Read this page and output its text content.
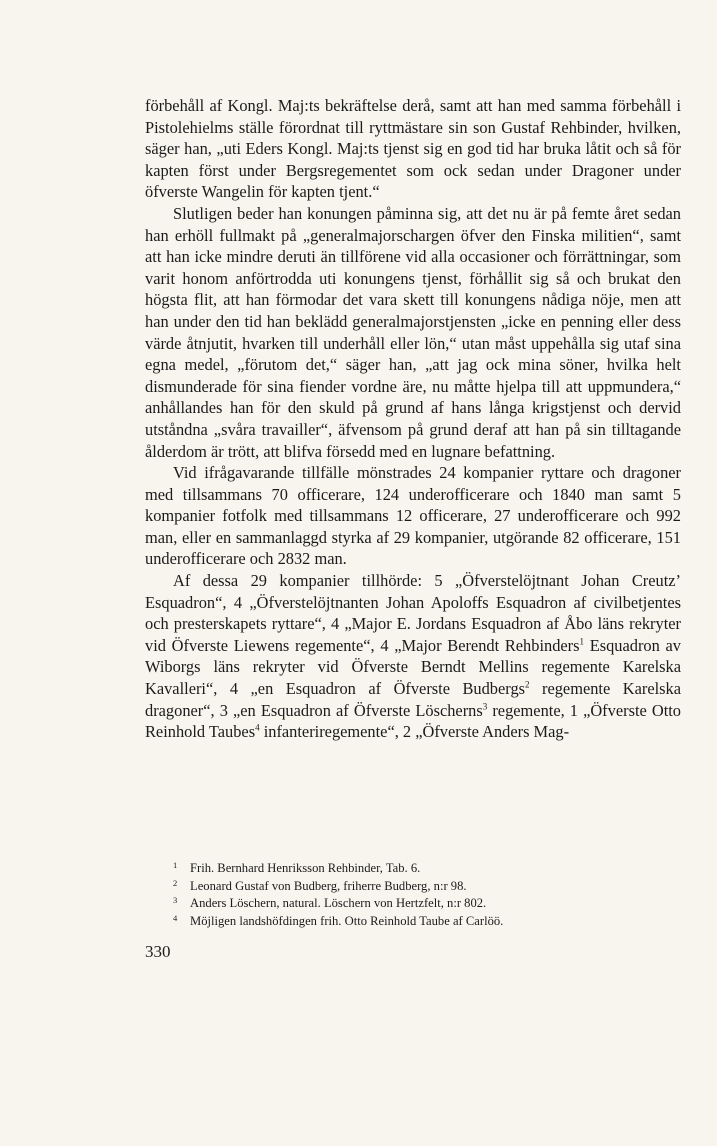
förbehåll af Kongl. Maj:ts bekräftelse derå, samt att han med samma förbehåll i Pistolehielms ställe förordnat till ryttmästare sin son Gustaf Rehbinder, hvilken, säger han, „uti Eders Kongl. Maj:ts tjenst sig en god tid har bruka låtit och så för kapten först under Bergsregementet som ock sedan under Dragoner under öfverste Wangelin för kapten tjent.“

Slutligen beder han konungen påminna sig, att det nu är på femte året sedan han erhöll fullmakt på „generalmajorschargen öfver den Finska militien“, samt att han icke mindre deruti än tillförene vid alla occasioner och förrättningar, som varit honom anförtrodda uti konungens tjenst, förhållit sig så och brukat den högsta flit, att han förmodar det vara skett till konungens nådiga nöje, men att han under den tid han beklädd generalmajorstjensten „icke en penning eller dess värde åtnjutit, hvarken till underhåll eller lön,“ utan måst uppehålla sig utaf sina egna medel, „förutom det,“ säger han, „att jag ock mina söner, hvilka helt dismunderade för sina fiender vordne äre, nu måtte hjelpa till att uppmundera,“ anhållandes han för den skuld på grund af hans långa krigstjenst och dervid utståndna „svåra travailler“, äfvensom på grund deraf att han på sin tilltagande ålderdom är trött, att blifva försedd med en lugnare befattning.

Vid ifrågavarande tillfälle mönstrades 24 kompanier ryttare och dragoner med tillsammans 70 officerare, 124 underofficerare och 1840 man samt 5 kompanier fotfolk med tillsammans 12 officerare, 27 underofficerare och 992 man, eller en sammanlaggd styrka af 29 kompanier, utgörande 82 officerare, 151 underofficerare och 2832 man.

Af dessa 29 kompanier tillhörde: 5 „Öfverstelöjtnant Johan Creutz’ Esquadron“, 4 „Öfverstelöjtnanten Johan Apoloffs Esquadron af civilbetjentes och presterskapets ryttare“, 4 „Major E. Jordans Esquadron af Åbo läns rekryter vid Öfverste Liewens regemente“, 4 „Major Berendt Rehbinders$^1$ Esquadron av Wiborgs läns rekryter vid Öfverste Berndt Mellins regemente Karelska Kavalleri“, 4 „en Esquadron af Öfverste Budbergs$^2$ regemente Karelska dragoner“, 3 „en Esquadron af Öfverste Löscherns$^3$ regemente, 1 „Öfverste Otto Reinhold Taubes$^4$ infanteriregemente“, 2 „Öfverste Anders Mag-

1 Frih. Bernhard Henriksson Rehbinder, Tab. 6.
2 Leonard Gustaf von Budberg, friherre Budberg, n:r 98.
3 Anders Löschern, natural. Löschern von Hertzfelt, n:r 802.
4 Möjligen landshöfdingen frih. Otto Reinhold Taube af Carlöö.
330
